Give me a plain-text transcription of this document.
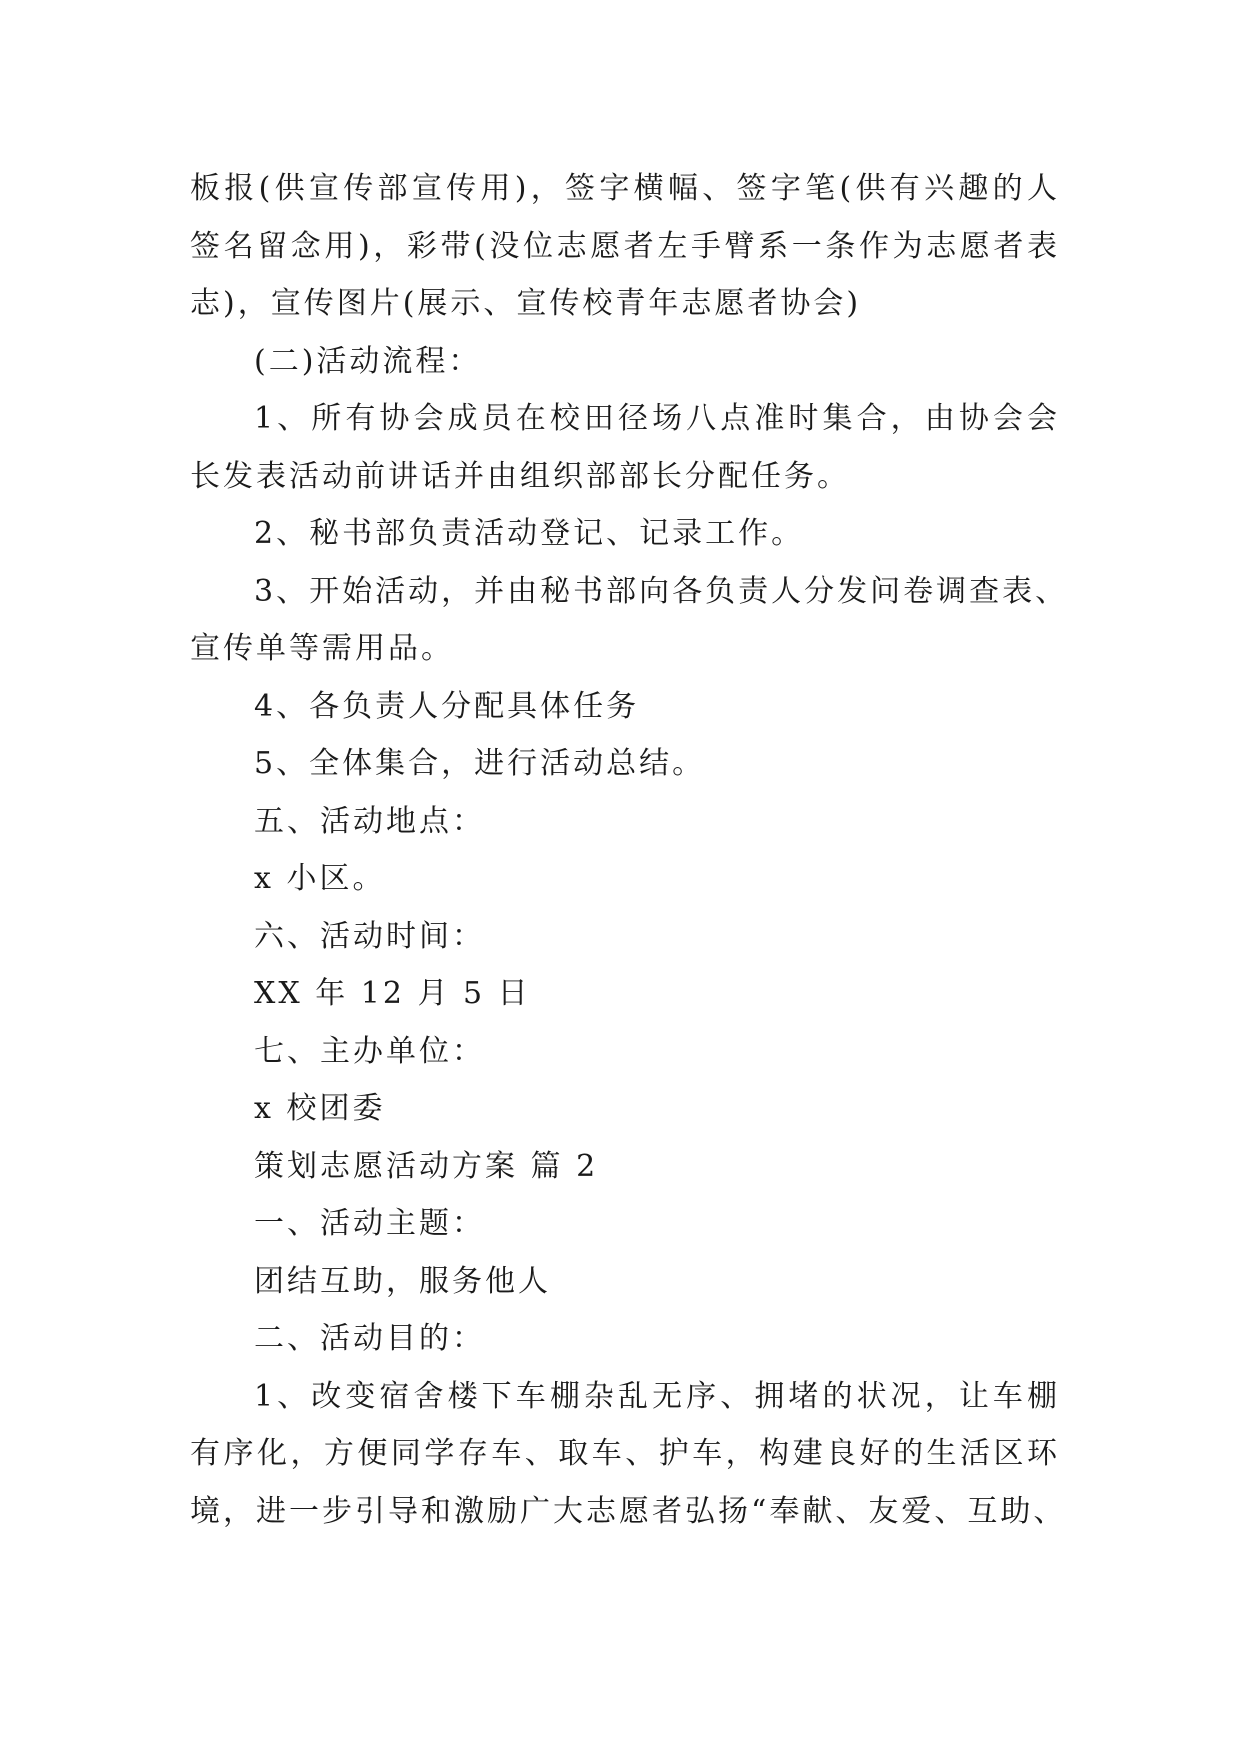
板报(供宣传部宣传用)，签字横幅、签字笔(供有兴趣的人
签名留念用)，彩带(没位志愿者左手臂系一条作为志愿者表
志)，宣传图片(展示、宣传校青年志愿者协会)
(二)活动流程：
1、所有协会成员在校田径场八点准时集合，由协会会
长发表活动前讲话并由组织部部长分配任务。
2、秘书部负责活动登记、记录工作。
3、开始活动，并由秘书部向各负责人分发问卷调查表、
宣传单等需用品。
4、各负责人分配具体任务
5、全体集合，进行活动总结。
五、活动地点：
x 小区。
六、活动时间：
XX 年 12 月 5 日
七、主办单位：
x 校团委
策划志愿活动方案 篇 2
一、活动主题：
团结互助，服务他人
二、活动目的：
1、改变宿舍楼下车棚杂乱无序、拥堵的状况，让车棚
有序化，方便同学存车、取车、护车，构建良好的生活区环
境，进一步引导和激励广大志愿者弘扬“奉献、友爱、互助、
